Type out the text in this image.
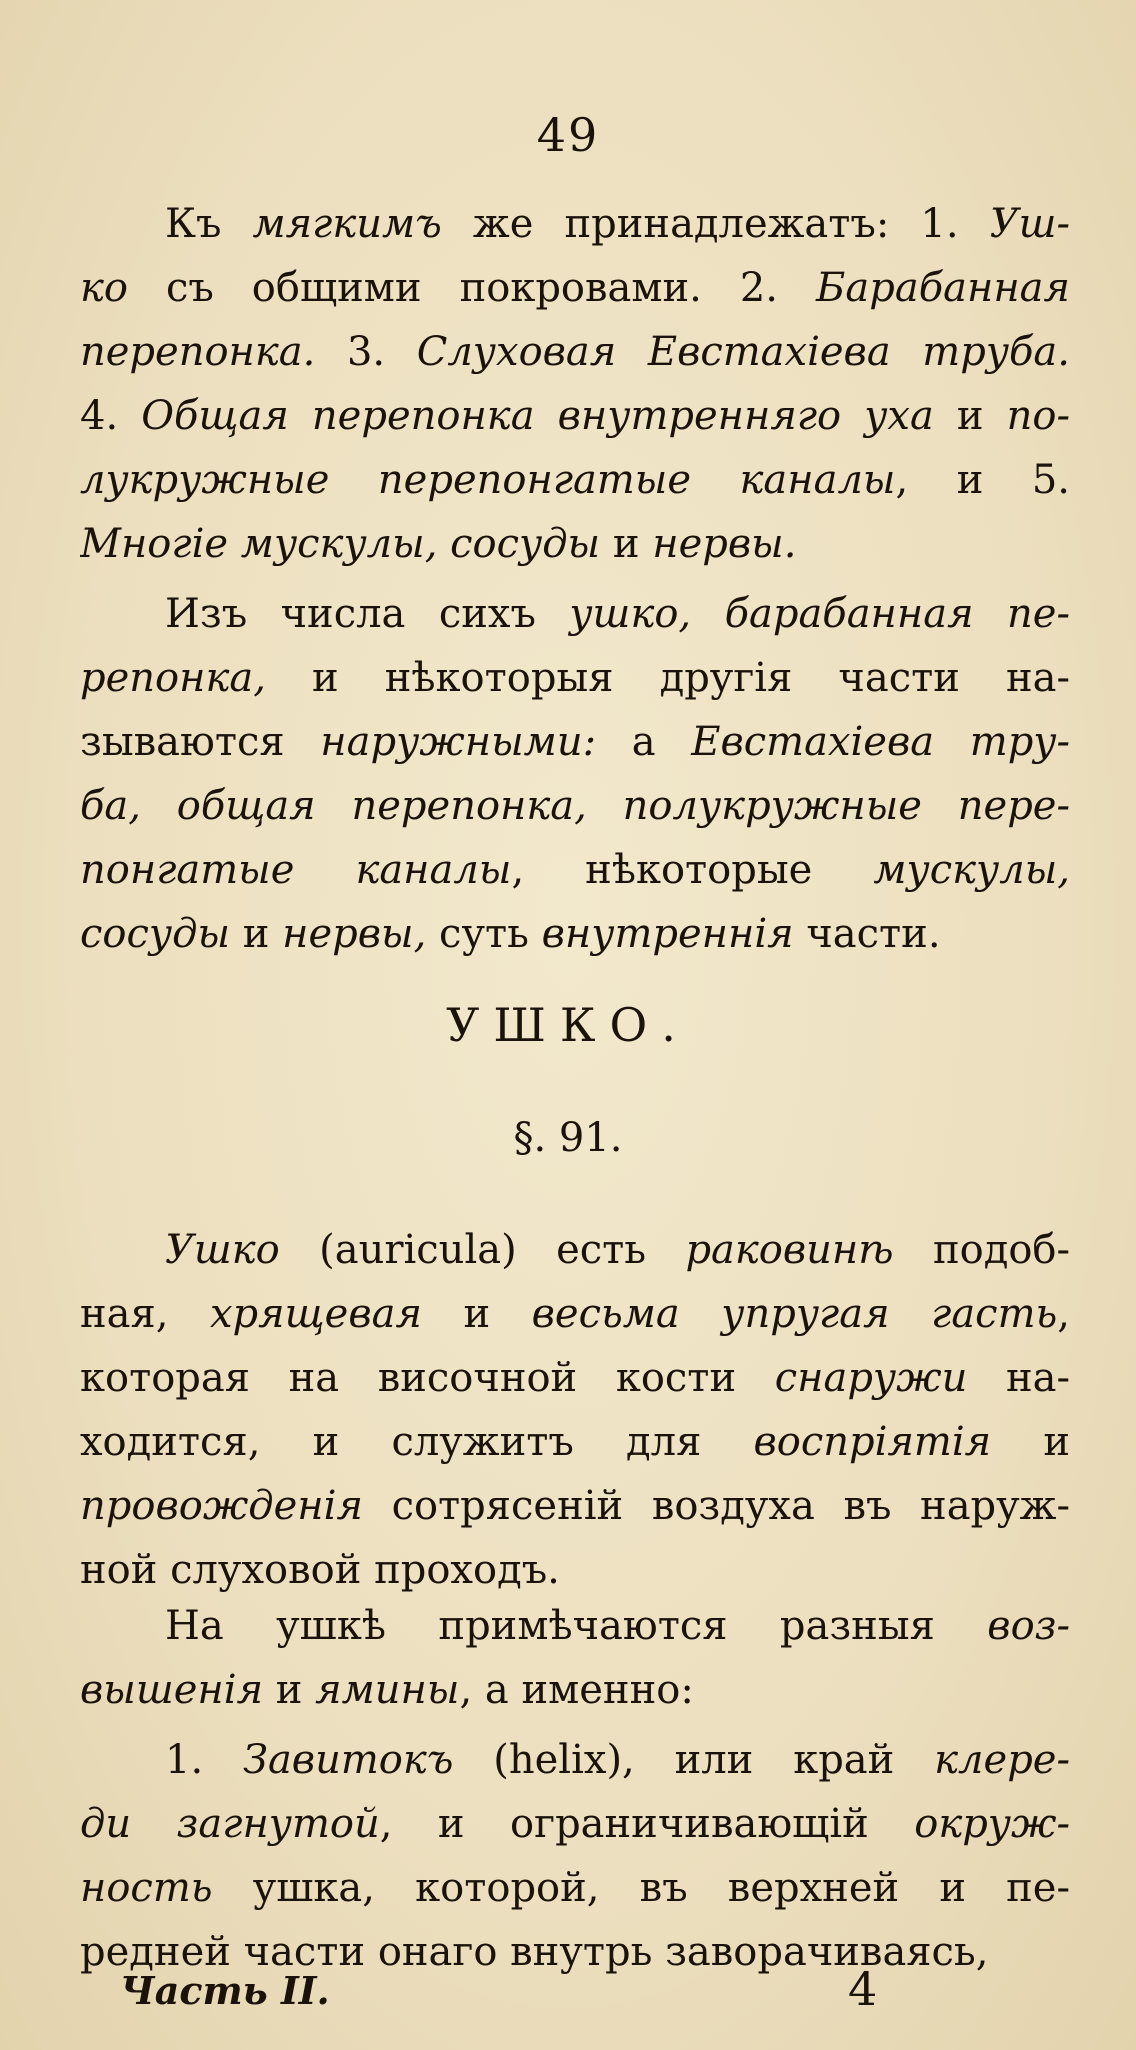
49
Къ мягкимъ же принадлежатъ: 1. Уш-
ко съ общими покровами. 2. Барабанная
перепонка. 3. Слуховая Евстахіева труба.
4. Общая перепонка внутренняго уха и по-
лукружные перепонгатые каналы, и 5.
Многіе мускулы, сосуды и нервы.
Изъ числа сихъ ушко, барабанная пе-
репонка, и нѣкоторыя другія части на-
зываются наружными: а Евстахіева тру-
ба, общая перепонка, полукружные пере-
понгатые каналы, нѣкоторые мускулы,
сосуды и нервы, суть внутреннія части.
УШКО.
§. 91.
Ушко (auricula) есть раковинѣ подоб-
ная, хрящевая и весьма упругая гасть,
которая на височной кости снаружи на-
ходится, и служитъ для воспріятія и
провожденія сотрясеній воздуха въ наруж-
ной слуховой проходъ.
На ушкѣ примѣчаются разныя воз-
вышенія и ямины, а именно:
1. Завитокъ (helix), или край клере-
ди загнутой, и ограничивающій окруж-
ность ушка, которой, въ верхней и пе-
редней части онаго внутрь заворачиваясь,
Часть II.	4
